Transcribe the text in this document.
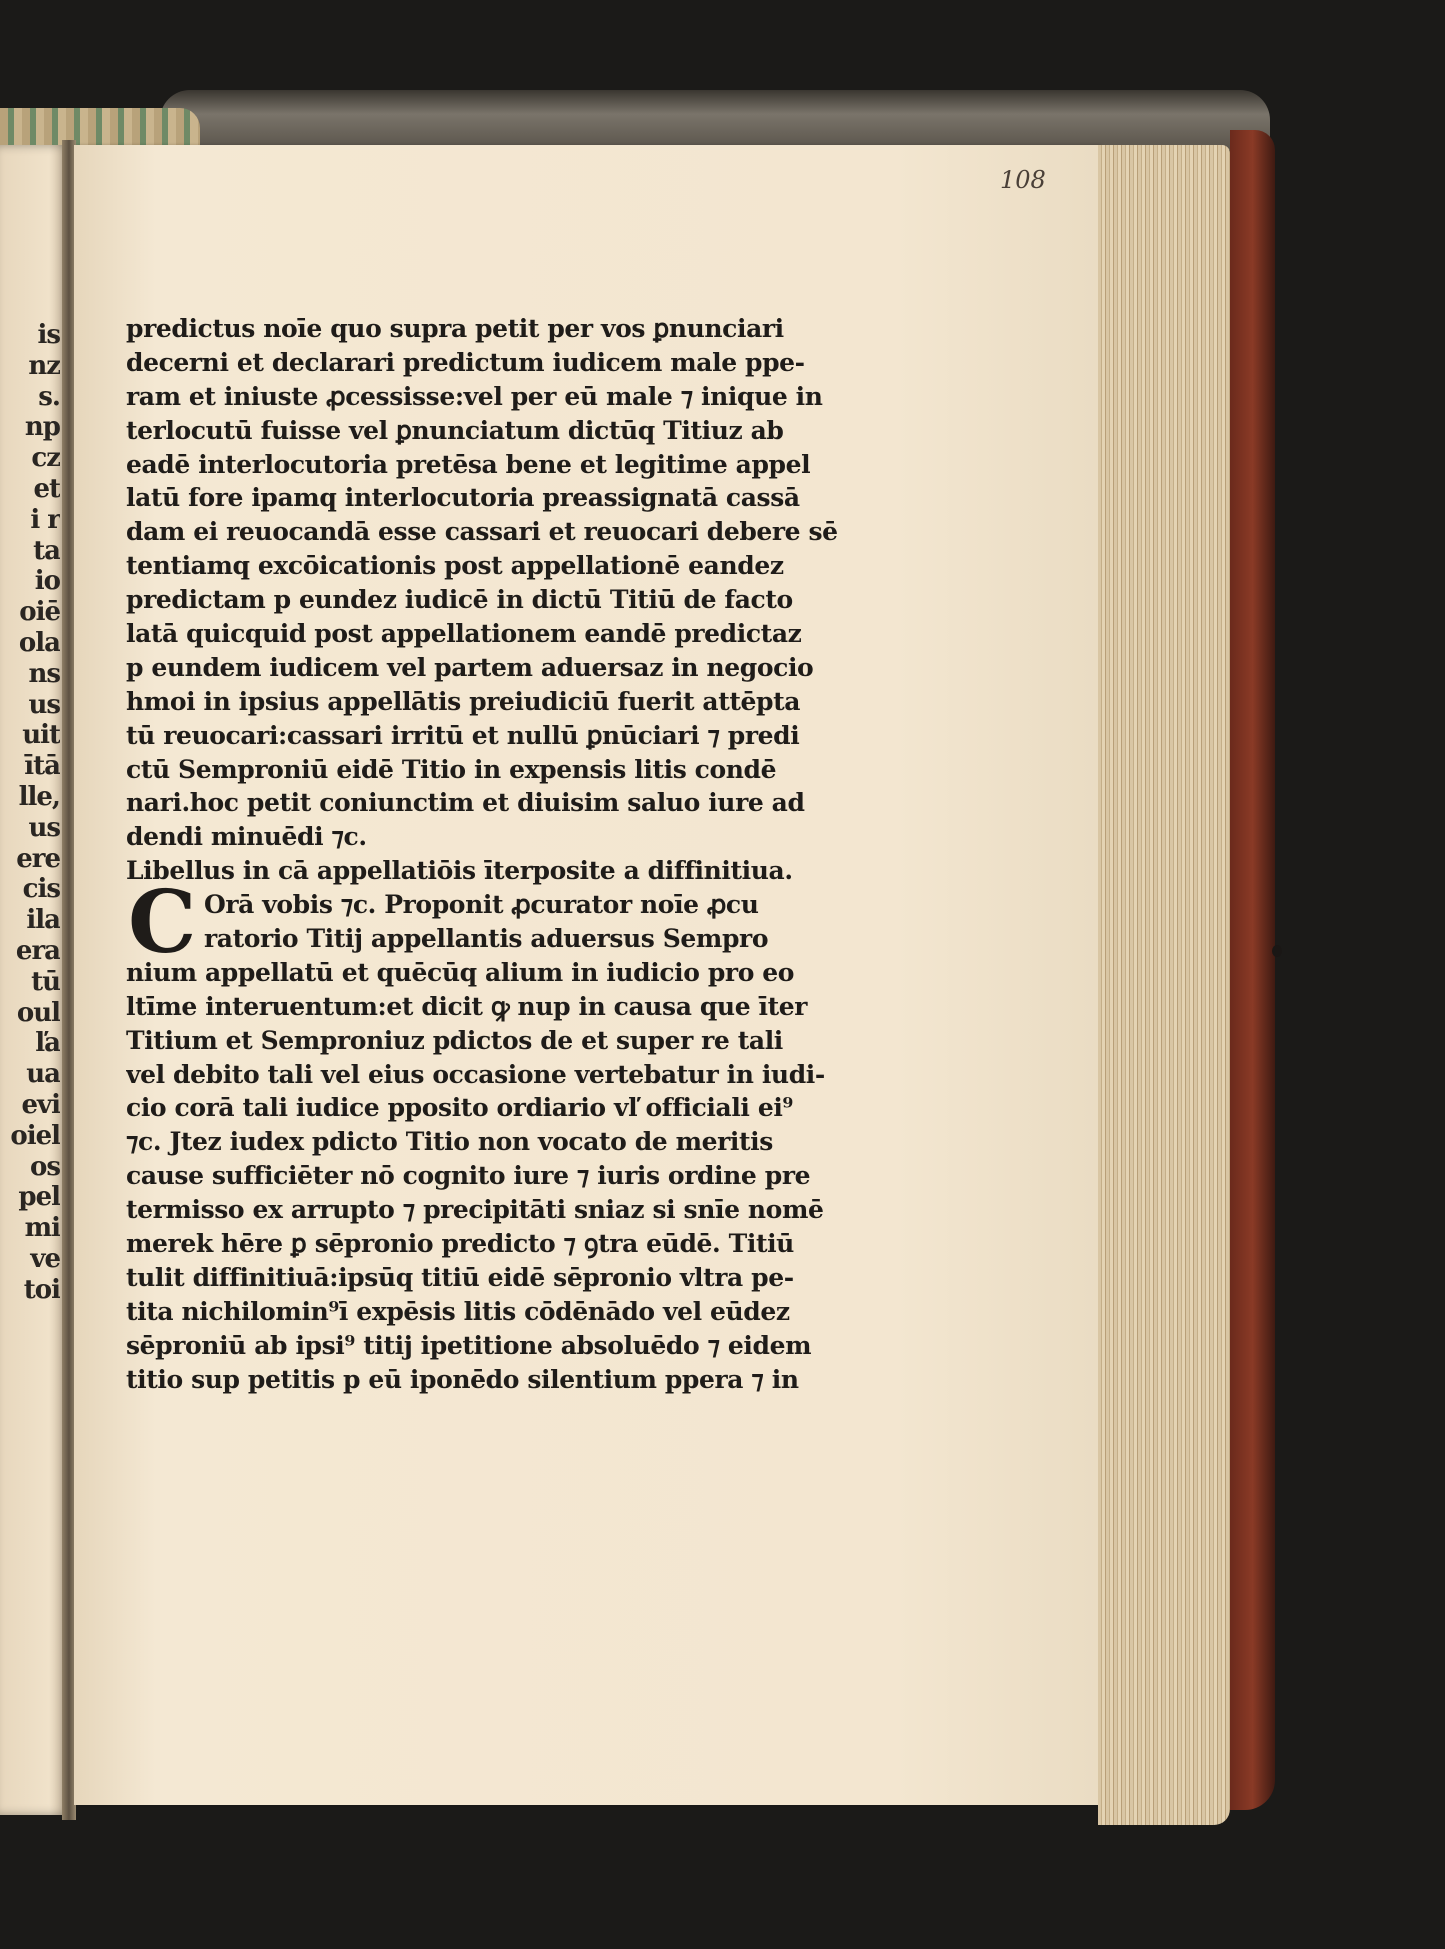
is
nz
s.
np
cz
et
i r
ta
io
oiē
ola
ns
us
uit
ītā
lle,
us
ere
cis
ila
era
tū
oul
ľa
ua
evi
oiel
os
pel
mi
ve
toi
108
predictus noīe quo supra petit per vos ꝑnunciari
decerni et declarari predictum iudicem male ppe-
ram et iniuste ꝓcessisse:vel per eū male ⁊ inique in
terlocutū fuisse vel ꝑnunciatum dictūq Titiuz ab
eadē interlocutoria pretēsa bene et legitime appel
latū fore ipamq interlocutoria preassignatā cassā
dam ei reuocandā esse cassari et reuocari debere sē
tentiamq excōicationis post appellationē eandez
predictam p eundez iudicē in dictū Titiū de facto
latā quicquid post appellationem eandē predictaz
p eundem iudicem vel partem aduersaz in negocio
hmoi in ipsius appellātis preiudiciū fuerit attēpta
tū reuocari:cassari irritū et nullū ꝑnūciari ⁊ predi
ctū Semproniū eidē Titio in expensis litis condē
nari.hoc petit coniunctim et diuisim saluo iure ad
dendi minuēdi ⁊c.
Libellus in cā appellatiōis īterposite a diffinitiua.
C Orā vobis ⁊c. Proponit ꝓcurator noīe ꝓcu
ratorio Titij appellantis aduersus Sempro
nium appellatū et quēcūq alium in iudicio pro eo
ltīme interuentum:et dicit ꝙ nup in causa que īter
Titium et Semproniuz pdictos de et super re tali
vel debito tali vel eius occasione vertebatur in iudi-
cio corā tali iudice pposito ordiario vľ officiali ei⁹
⁊c. Jtez iudex pdicto Titio non vocato de meritis
cause sufficiēter nō cognito iure ⁊ iuris ordine pre
termisso ex arrupto ⁊ precipitāti sniaz si snīe nomē
merek hēre ꝑ sēpronio predicto ⁊ ꝯtra eūdē. Titiū
tulit diffinitiuā:ipsūq titiū eidē sēpronio vltra pe-
tita nichilomin⁹ī expēsis litis cōdēnādo vel eūdez
sēproniū ab ipsi⁹ titij ipetitione absoluēdo ⁊ eidem
titio sup petitis p eū iponēdo silentium ppera ⁊ in
